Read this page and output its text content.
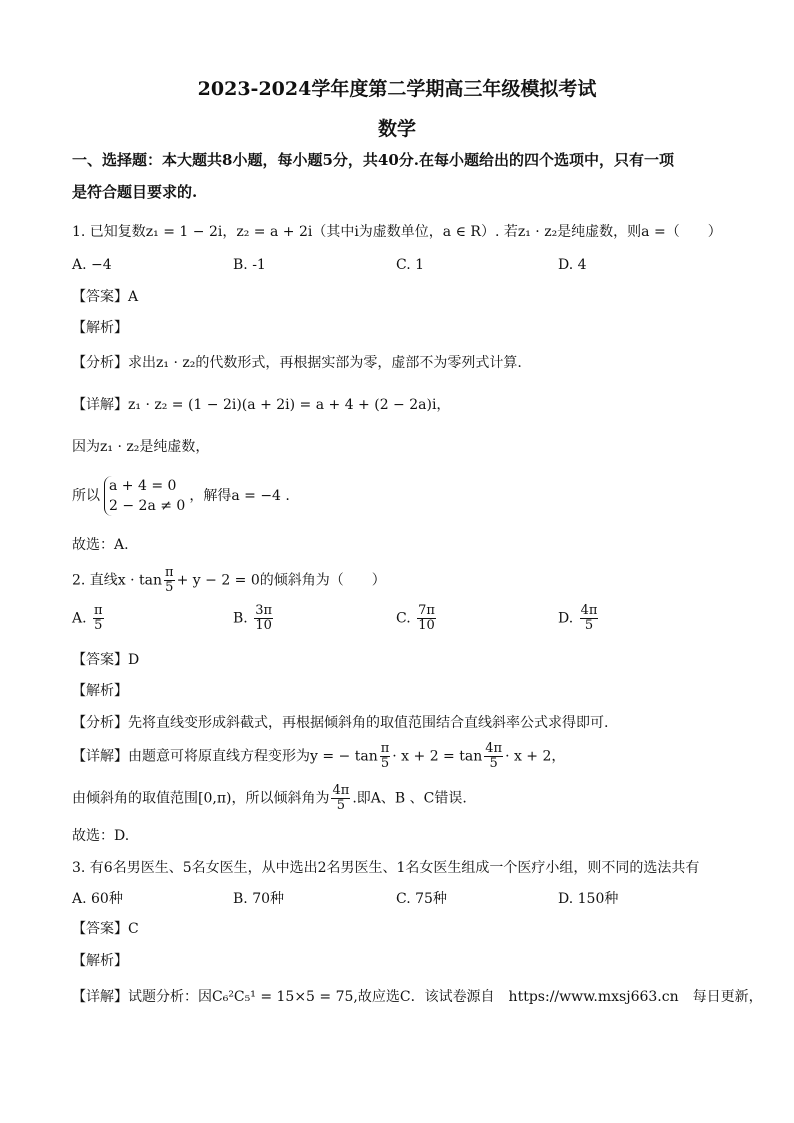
2023-2024学年度第二学期高三年级模拟考试
数学
一、选择题：本大题共8小题，每小题5分，共40分.在每小题给出的四个选项中，只有一项
是符合题目要求的.
1. 已知复数z₁ = 1 − 2i，z₂ = a + 2i（其中i为虚数单位，a ∈ R）. 若z₁ · z₂是纯虚数，则a =（　　）
A. −4	B. -1	C. 1	D. 4
【答案】A
【解析】
【分析】求出z₁ · z₂的代数形式，再根据实部为零，虚部不为零列式计算.
【详解】z₁ · z₂ = (1 − 2i)(a + 2i) = a + 4 + (2 − 2a)i，
因为z₁ · z₂是纯虚数，
所以
a + 4 = 0
2 − 2a ≠ 0
，解得a = −4 .
故选：A.
2. 直线$x \cdot \tan \frac{\pi}{5} + y - 2 = 0$的倾斜角为（　　）
A. $\frac{\pi}{5}$	B. $\frac{3\pi}{10}$	C. $\frac{7\pi}{10}$	D. $\frac{4\pi}{5}$
【答案】D
【解析】
【分析】先将直线变形成斜截式，再根据倾斜角的取值范围结合直线斜率公式求得即可.
【详解】由题意可将原直线方程变形为y = − $\tan \frac{\pi}{5} \cdot x + 2 = \tan \frac{4\pi}{5} \cdot x + 2$，
由倾斜角的取值范围[0,π)，所以倾斜角为 $\frac{4\pi}{5}$ .即A、B 、C错误.
故选：D.
3. 有6名男医生、5名女医生，从中选出2名男医生、1名女医生组成一个医疗小组，则不同的选法共有
A. 60种	B. 70种	C. 75种	D. 150种
【答案】C
【解析】
【详解】试题分析：因C₆²C₅¹ = 15×5 = 75,故应选C．该试卷源自　https://www.mxsj663.cn　每日更新，
